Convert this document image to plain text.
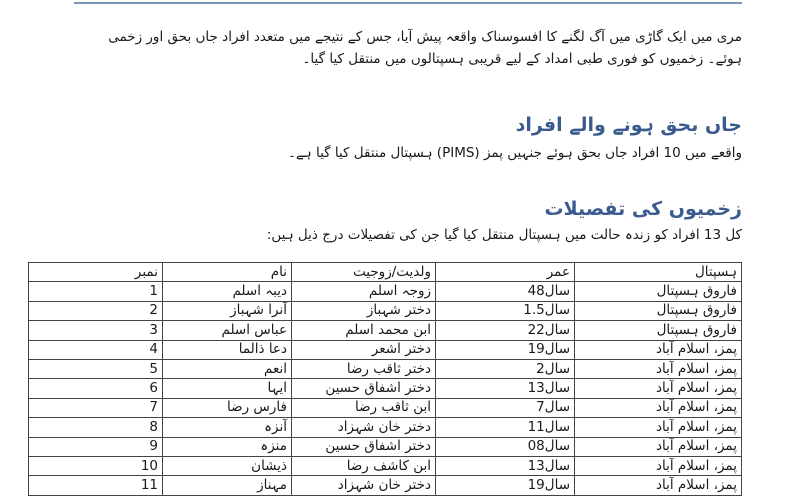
مری میں ایک گاڑی میں آگ لگنے کا افسوسناک واقعہ پیش آیا، جس کے نتیجے میں متعدد افراد جاں بحق اور زخمی ہوئے۔ زخمیوں کو فوری طبی امداد کے لیے قریبی ہسپتالوں میں منتقل کیا گیا۔
جاں بحق ہونے والے افراد
واقعے میں 10 افراد جاں بحق ہوئے جنہیں پمز (PIMS) ہسپتال منتقل کیا گیا ہے۔
زخمیوں کی تفصیلات
کل 13 افراد کو زندہ حالت میں ہسپتال منتقل کیا گیا جن کی تفصیلات درج ذیل ہیں:
ہسپتال	عمر	ولدیت/زوجیت	نام	نمبر
فاروق ہسپتال	48سال	زوجہ اسلم	دیبہ اسلم	1
فاروق ہسپتال	1.5سال	دختر شہباز	آنرا شہباز	2
فاروق ہسپتال	22سال	ابن محمد اسلم	عباس اسلم	3
پمز، اسلام آباد	19سال	دختر اشعر	دعا ذالما	4
پمز، اسلام آباد	2سال	دختر ثاقب رضا	انعم	5
پمز، اسلام آباد	13سال	دختر اشفاق حسین	ایہا	6
پمز، اسلام آباد	7سال	ابن ثاقب رضا	فارس رضا	7
پمز، اسلام آباد	11سال	دختر خان شہزاد	آنزہ	8
پمز، اسلام آباد	08سال	دختر اشفاق حسین	منزہ	9
پمز، اسلام آباد	13سال	ابن کاشف رضا	ذیشان	10
پمز، اسلام آباد	19سال	دختر خان شہزاد	مہناز	11
